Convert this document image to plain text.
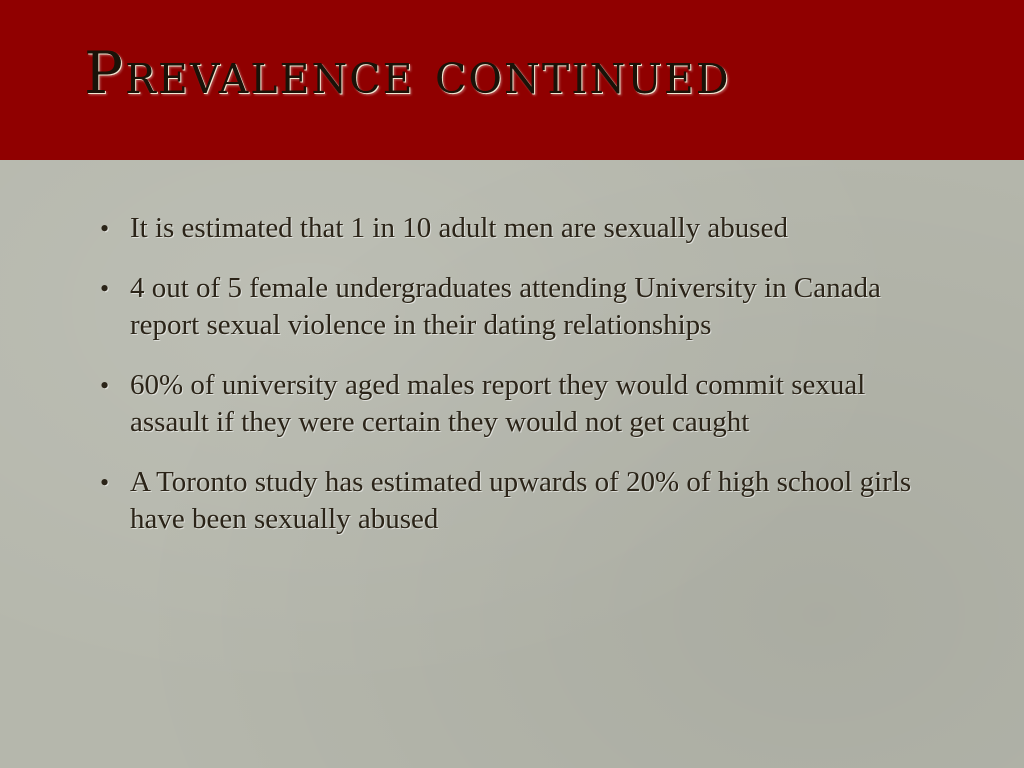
Prevalence continued
• It is estimated that 1 in 10 adult men are sexually abused
• 4 out of 5 female undergraduates attending University in Canada report sexual violence in their dating relationships
• 60% of university aged males report they would commit sexual assault if they were certain they would not get caught
• A Toronto study has estimated upwards of 20% of high school girls have been sexually abused
